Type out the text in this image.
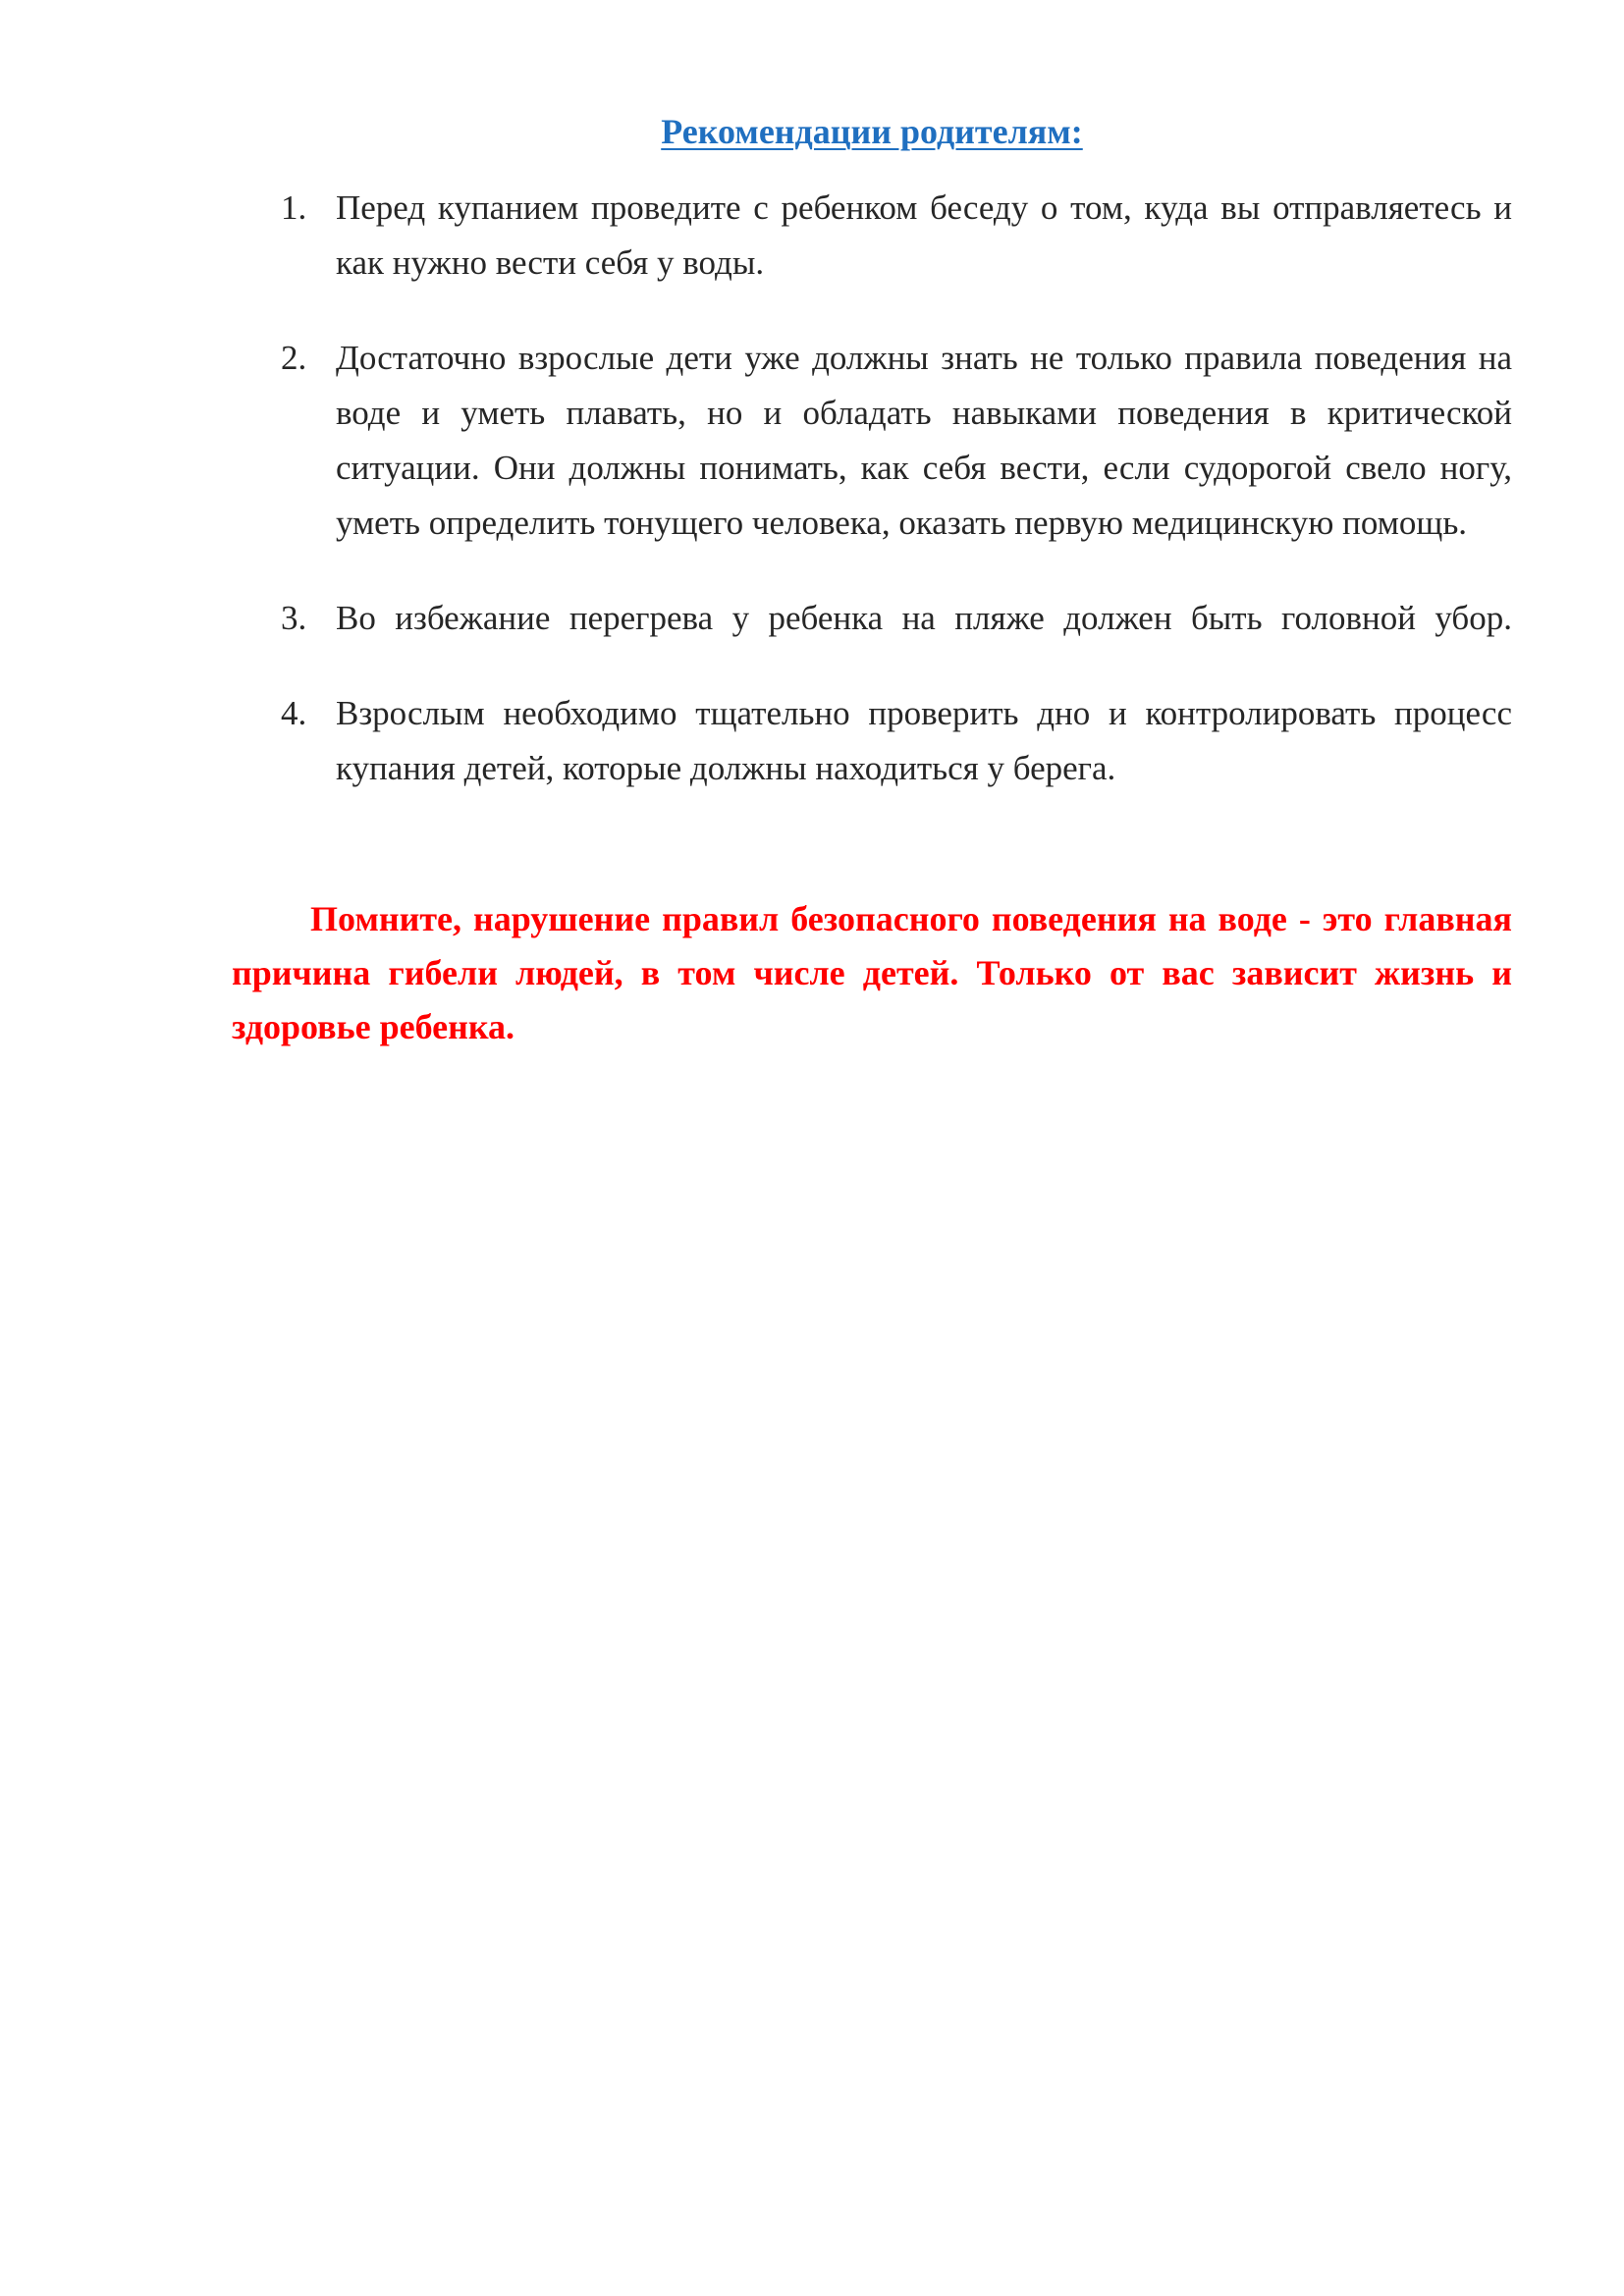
Рекомендации родителям:
1. Перед купанием проведите с ребенком беседу о том, куда вы отправляетесь и как нужно вести себя у воды.
2. Достаточно взрослые дети уже должны знать не только правила поведения на воде и уметь плавать, но и обладать навыками поведения в критической ситуации. Они должны понимать, как себя вести, если судорогой свело ногу, уметь определить тонущего человека, оказать первую медицинскую помощь.
3. Во избежание перегрева у ребенка на пляже должен быть головной убор.
4. Взрослым необходимо тщательно проверить дно и контролировать процесс купания детей, которые должны находиться у берега.

Помните, нарушение правил безопасного поведения на воде - это главная причина гибели людей, в том числе детей. Только от вас зависит жизнь и здоровье ребенка.
